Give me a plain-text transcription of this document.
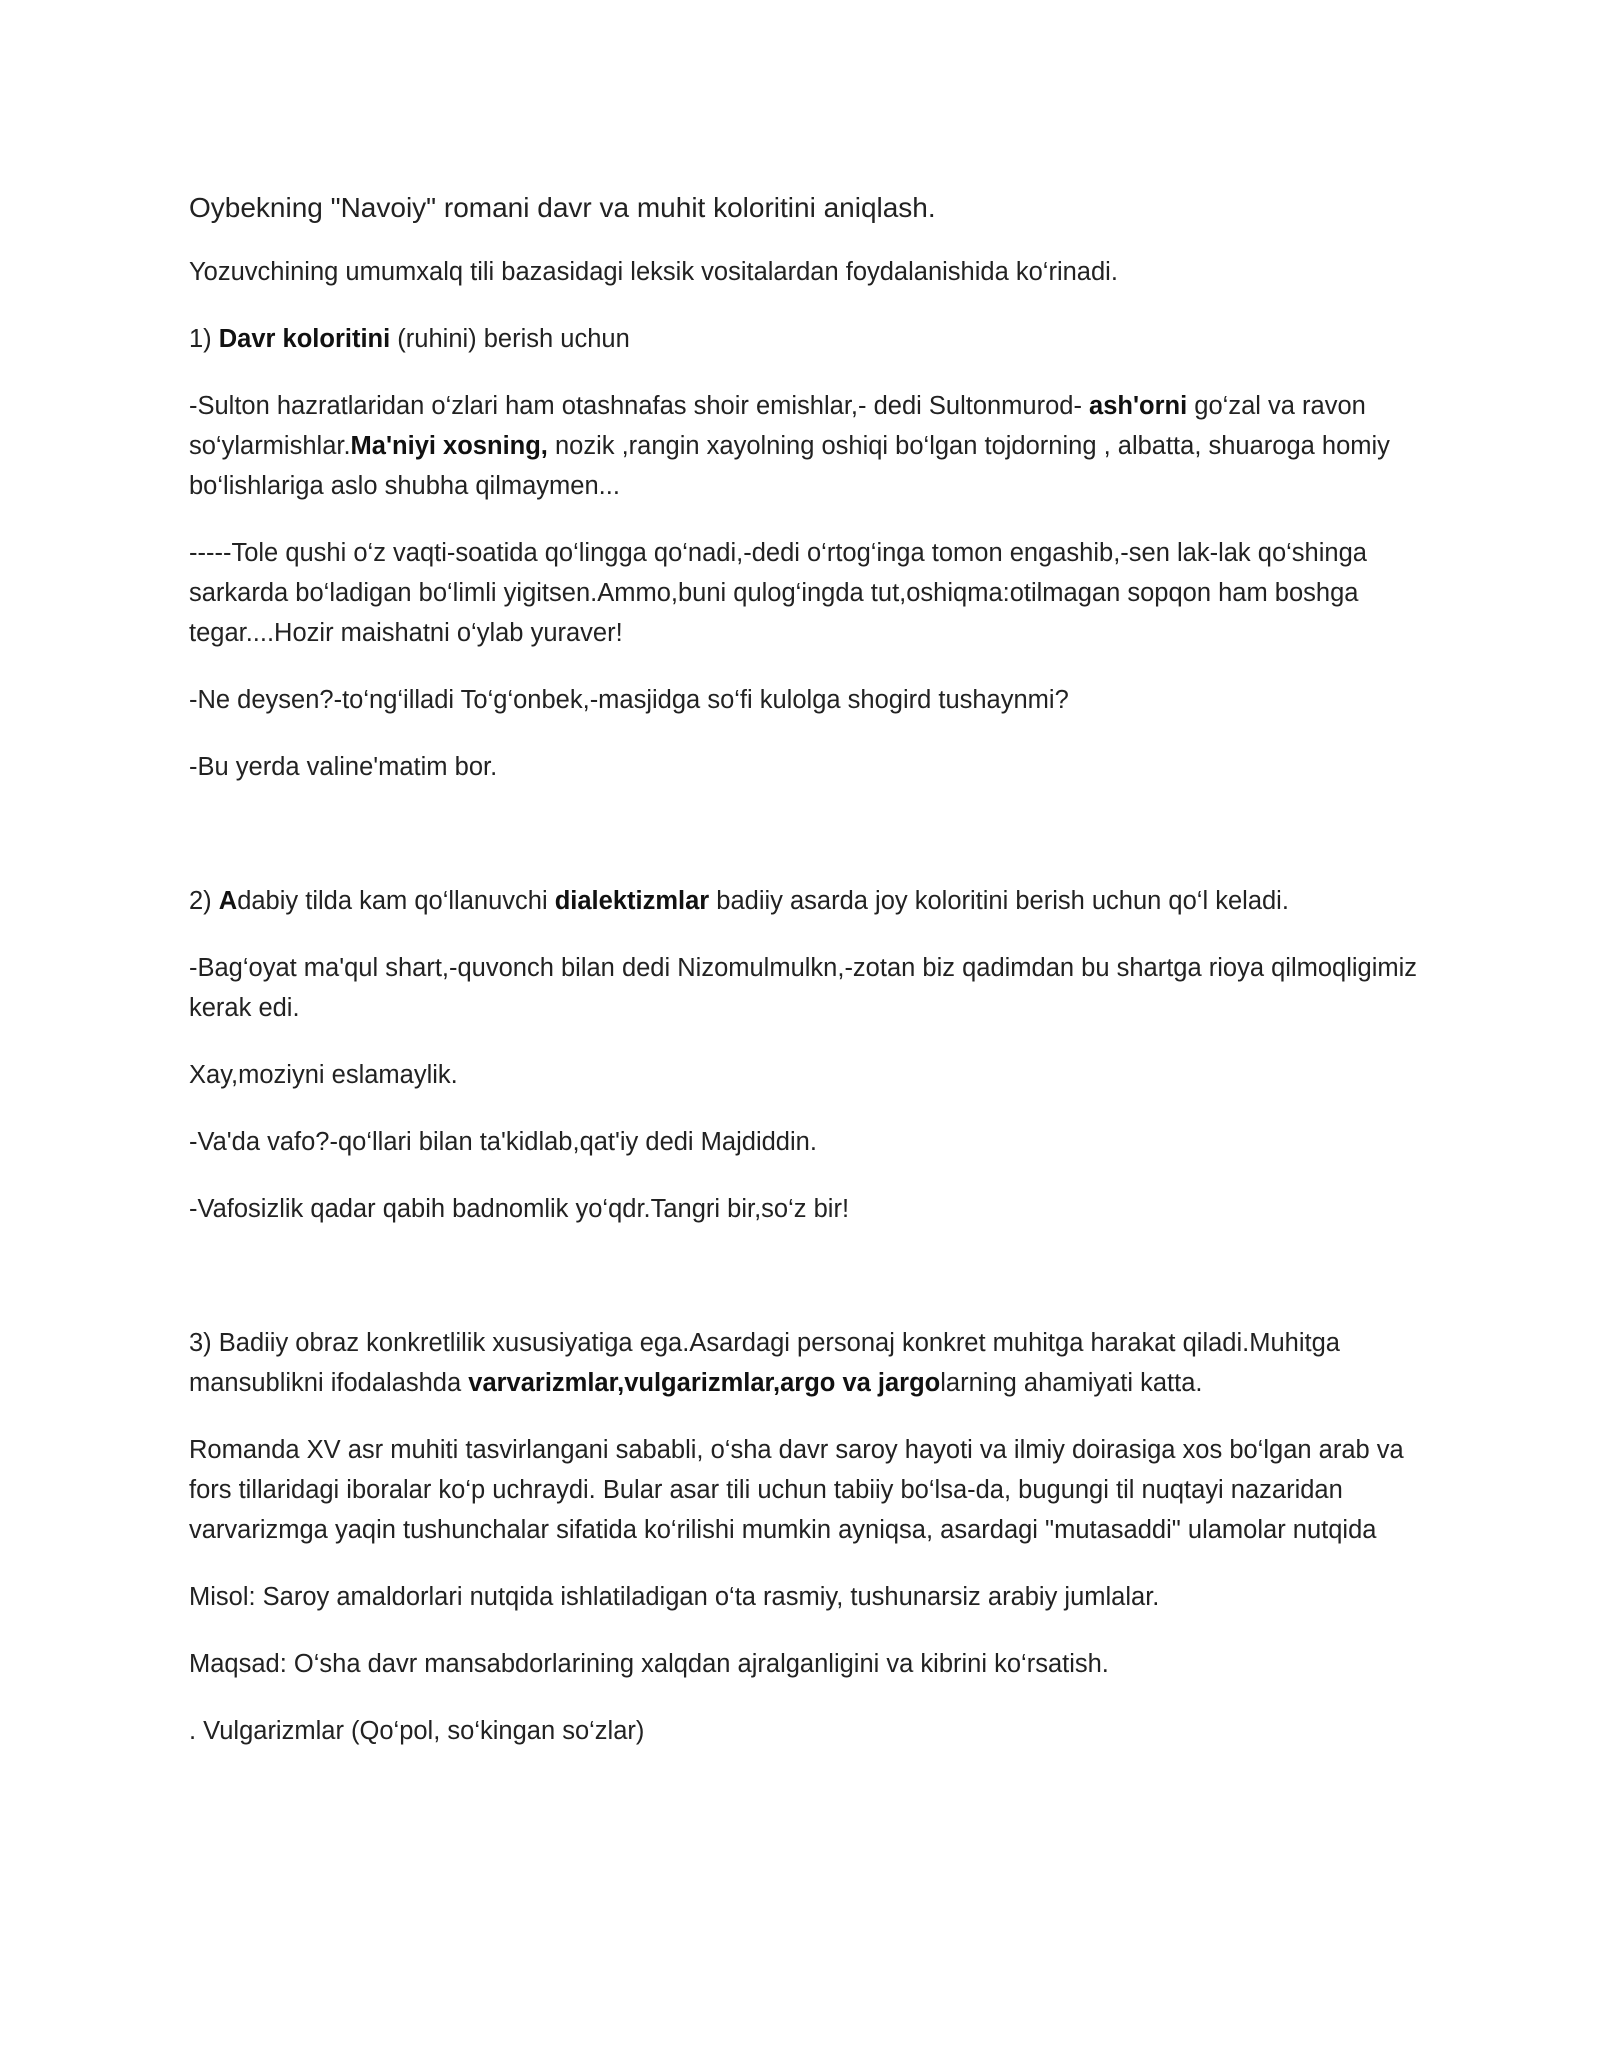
Oybekning "Navoiy" romani davr va muhit koloritini aniqlash.
Yozuvchining umumxalq tili bazasidagi leksik vositalardan foydalanishida ko‘rinadi.
1) Davr koloritini (ruhini) berish uchun
-Sulton hazratlaridan o‘zlari ham otashnafas shoir emishlar,- dedi Sultonmurod- ash'orni go‘zal va ravon so‘ylarmishlar.Ma'niyi xosning, nozik ,rangin xayolning oshiqi bo‘lgan tojdorning , albatta, shuaroga homiy bo‘lishlariga aslo shubha qilmaymen...
-----Tole qushi o‘z vaqti-soatida qo‘lingga qo‘nadi,-dedi o‘rtog‘inga tomon engashib,-sen lak-lak qo‘shinga sarkarda bo‘ladigan bo‘limli yigitsen.Ammo,buni qulog‘ingda tut,oshiqma:otilmagan sopqon ham boshga tegar....Hozir maishatni o‘ylab yuraver!
-Ne deysen?-to‘ng‘illadi To‘g‘onbek,-masjidga so‘fi kulolga shogird tushaynmi?
-Bu yerda valine'matim bor.
2) Adabiy tilda kam qo‘llanuvchi dialektizmlar badiiy asarda joy koloritini berish uchun qo‘l keladi.
-Bag‘oyat ma'qul shart,-quvonch bilan dedi Nizomulmulkn,-zotan biz qadimdan bu shartga rioya qilmoqligimiz kerak edi.
Xay,moziyni eslamaylik.
-Va'da vafo?-qo‘llari bilan ta'kidlab,qat'iy dedi Majdiddin.
-Vafosizlik qadar qabih badnomlik yo‘qdr.Tangri bir,so‘z bir!
3) Badiiy obraz konkretlilik xususiyatiga ega.Asardagi personaj konkret muhitga harakat qiladi.Muhitga mansublikni ifodalashda varvarizmlar,vulgarizmlar,argo va jargolarning ahamiyati katta.
Romanda XV asr muhiti tasvirlangani sababli, o‘sha davr saroy hayoti va ilmiy doirasiga xos bo‘lgan arab va fors tillaridagi iboralar ko‘p uchraydi. Bular asar tili uchun tabiiy bo‘lsa-da, bugungi til nuqtayi nazaridan varvarizmga yaqin tushunchalar sifatida ko‘rilishi mumkin ayniqsa, asardagi "mutasaddi" ulamolar nutqida
Misol: Saroy amaldorlari nutqida ishlatiladigan o‘ta rasmiy, tushunarsiz arabiy jumlalar.
Maqsad: O‘sha davr mansabdorlarining xalqdan ajralganligini va kibrini ko‘rsatish.
. Vulgarizmlar (Qo‘pol, so‘kingan so‘zlar)
